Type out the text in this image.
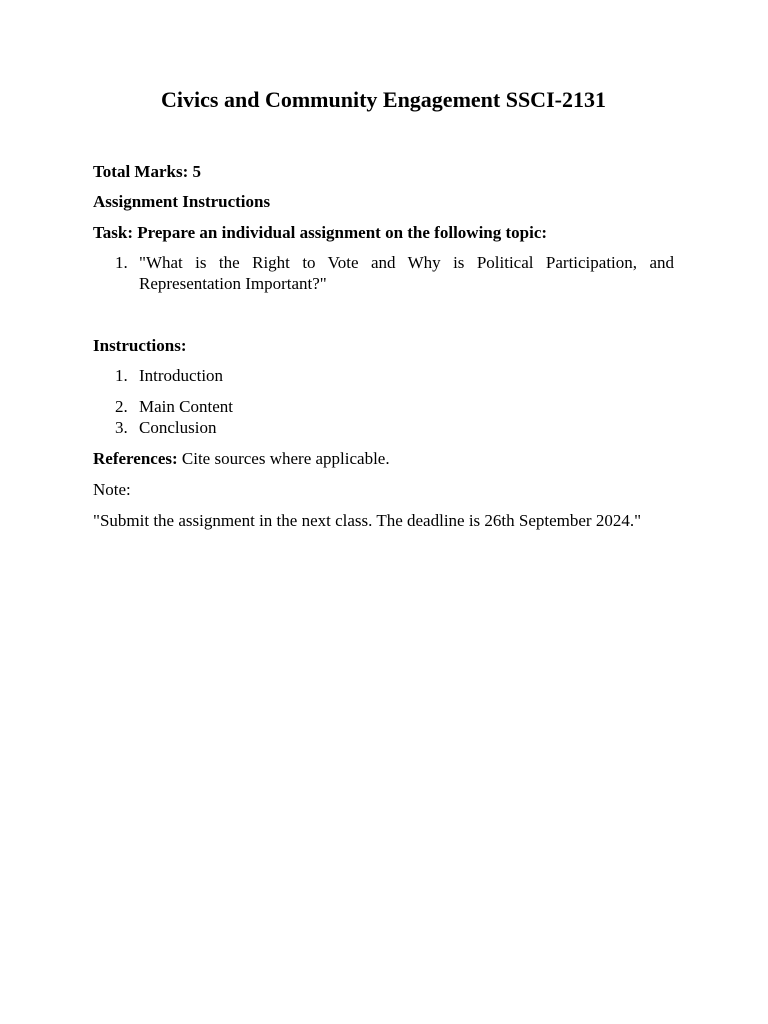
Civics and Community Engagement SSCI-2131

Total Marks: 5

Assignment Instructions

Task: Prepare an individual assignment on the following topic:

1. "What is the Right to Vote and Why is Political Participation, and Representation Important?"

Instructions:

1. Introduction
2. Main Content
3. Conclusion

References: Cite sources where applicable.

Note:

"Submit the assignment in the next class. The deadline is 26th September 2024."
